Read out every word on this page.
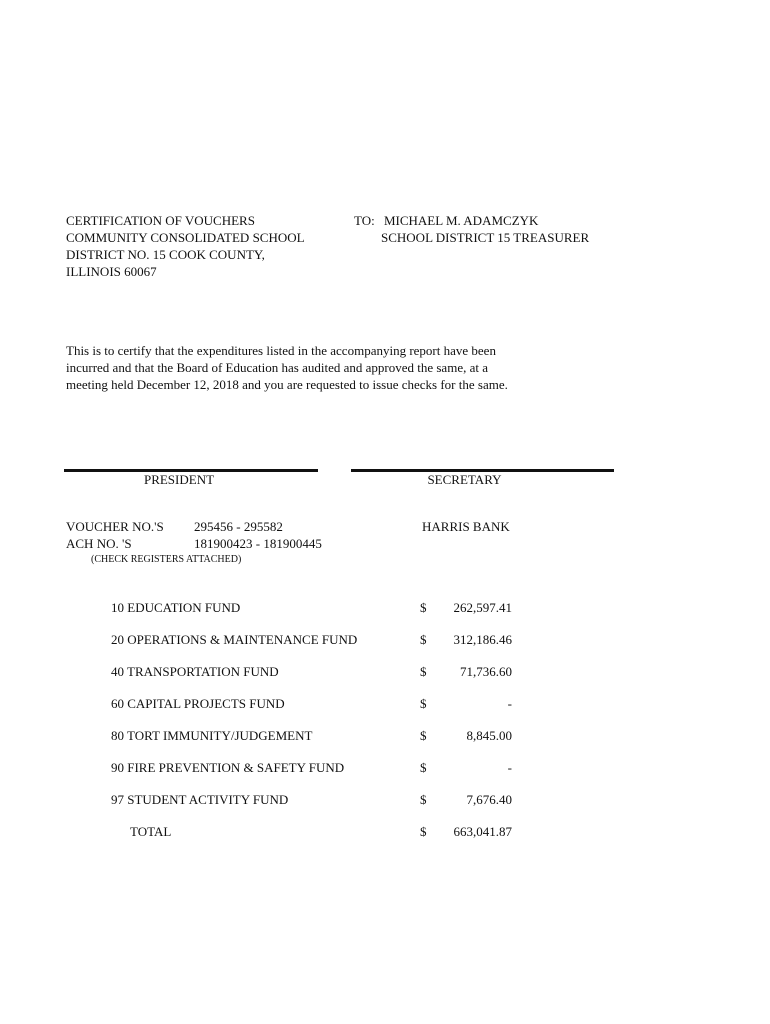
CERTIFICATION OF VOUCHERS
COMMUNITY CONSOLIDATED SCHOOL
DISTRICT NO. 15 COOK COUNTY,
ILLINOIS 60067
TO: MICHAEL M. ADAMCZYK
SCHOOL DISTRICT 15 TREASURER
This is to certify that the expenditures listed in the accompanying report have been
incurred and that the Board of Education has audited and approved the same, at a
meeting held December 12, 2018 and you are requested to issue checks for the same.
PRESIDENT	SECRETARY
VOUCHER NO.'S 295456 - 295582
ACH NO. 'S	181900423 - 181900445
(CHECK REGISTERS ATTACHED)
HARRIS BANK
10 EDUCATION FUND	$	262,597.41
20 OPERATIONS & MAINTENANCE FUND	$	312,186.46
40 TRANSPORTATION FUND	$	71,736.60
60 CAPITAL PROJECTS FUND	$	-
80 TORT IMMUNITY/JUDGEMENT	$	8,845.00
90 FIRE PREVENTION & SAFETY FUND	$	-
97 STUDENT ACTIVITY FUND	$	7,676.40
TOTAL	$	663,041.87
